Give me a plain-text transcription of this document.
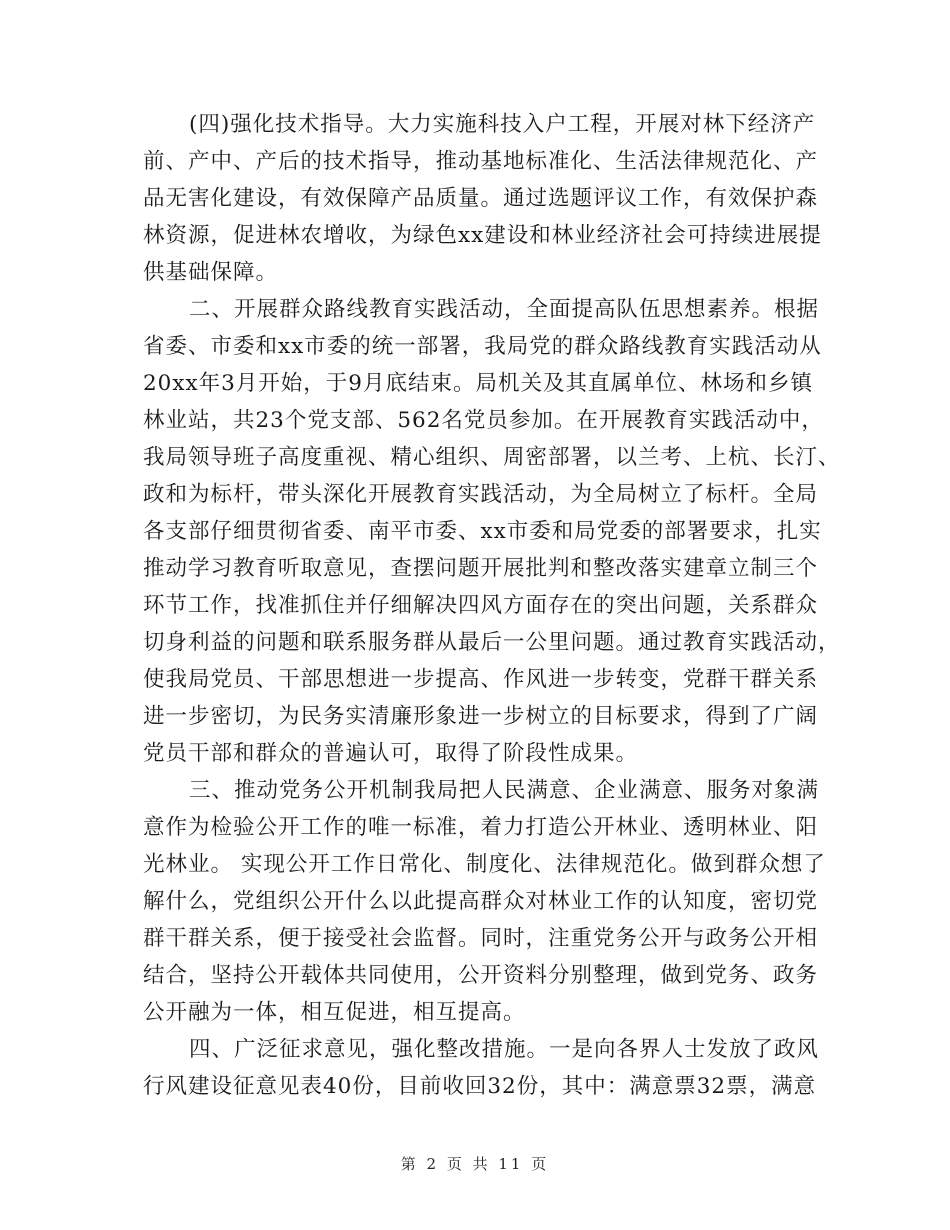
(四)强化技术指导。大力实施科技入户工程，开展对林下经济产
前、产中、产后的技术指导，推动基地标准化、生活法律规范化、产
品无害化建设，有效保障产品质量。通过选题评议工作，有效保护森
林资源，促进林农增收，为绿色xx建设和林业经济社会可持续进展提
供基础保障。
二、开展群众路线教育实践活动，全面提高队伍思想素养。根据
省委、市委和xx市委的统一部署，我局党的群众路线教育实践活动从
20xx年3月开始，于9月底结束。局机关及其直属单位、林场和乡镇
林业站，共23个党支部、562名党员参加。在开展教育实践活动中，
我局领导班子高度重视、精心组织、周密部署，以兰考、上杭、长汀、
政和为标杆，带头深化开展教育实践活动，为全局树立了标杆。全局
各支部仔细贯彻省委、南平市委、xx市委和局党委的部署要求，扎实
推动学习教育听取意见，查摆问题开展批判和整改落实建章立制三个
环节工作，找准抓住并仔细解决四风方面存在的突出问题，关系群众
切身利益的问题和联系服务群从最后一公里问题。通过教育实践活动，
使我局党员、干部思想进一步提高、作风进一步转变，党群干群关系
进一步密切，为民务实清廉形象进一步树立的目标要求，得到了广阔
党员干部和群众的普遍认可，取得了阶段性成果。
三、推动党务公开机制我局把人民满意、企业满意、服务对象满
意作为检验公开工作的唯一标准，着力打造公开林业、透明林业、阳
光林业。 实现公开工作日常化、制度化、法律规范化。做到群众想了
解什么，党组织公开什么以此提高群众对林业工作的认知度，密切党
群干群关系，便于接受社会监督。同时，注重党务公开与政务公开相
结合，坚持公开载体共同使用，公开资料分别整理，做到党务、政务
公开融为一体，相互促进，相互提高。
四、广泛征求意见，强化整改措施。一是向各界人士发放了政风
行风建设征意见表40份，目前收回32份，其中：满意票32票，满意
第 2 页 共 11 页
